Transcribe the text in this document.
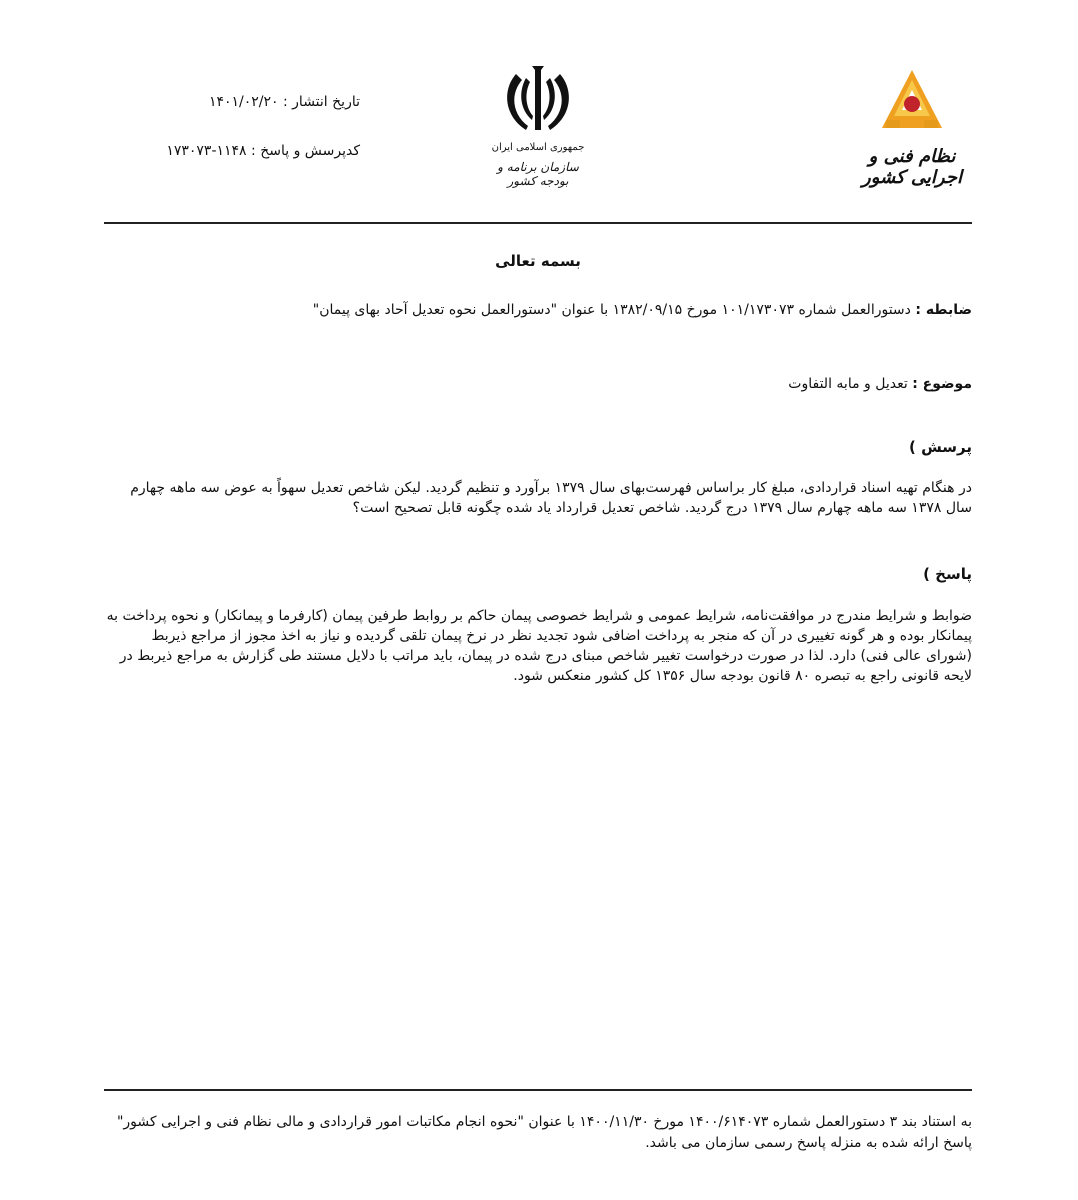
نظام فنی و اجرایی کشور
جمهوری اسلامی ایران
سازمان برنامه و بودجه کشور
تاریخ انتشار : ۱۴۰۱/۰۲/۲۰
کدپرسش و پاسخ : ۱۱۴۸-۱۷۳۰۷۳
بسمه تعالی
ضابطه : دستورالعمل شماره ۱۰۱/۱۷۳۰۷۳ مورخ ۱۳۸۲/۰۹/۱۵ با عنوان "دستورالعمل نحوه تعدیل آحاد بهای پیمان"
موضوع : تعدیل و مابه التفاوت
پرسش )
در هنگام تهیه اسناد قراردادی، مبلغ کار براساس فهرست‌بهای سال ۱۳۷۹ برآورد و تنظیم گردید. لیکن شاخص تعدیل سهواً به عوض سه ماهه چهارم سال ۱۳۷۸ سه ماهه چهارم سال ۱۳۷۹ درج گردید. شاخص تعدیل قرارداد یاد شده چگونه قابل تصحیح است؟
پاسخ )
ضوابط و شرایط مندرج در موافقت‌نامه، شرایط عمومی و شرایط خصوصی پیمان حاکم بر روابط طرفین پیمان (کارفرما و پیمانکار) و نحوه پرداخت به پیمانکار بوده و هر گونه تغییری در آن که منجر به پرداخت اضافی شود تجدید نظر در نرخ پیمان تلقی گردیده و نیاز به اخذ مجوز از مراجع ذیربط (شورای عالی فنی) دارد. لذا در صورت درخواست تغییر شاخص مبنای درج شده در پیمان، باید مراتب با دلایل مستند طی گزارش به مراجع ذیربط در لایحه قانونی راجع به تبصره ۸۰ قانون بودجه سال ۱۳۵۶ کل کشور منعکس شود.
به استناد بند ۳ دستورالعمل شماره ۱۴۰۰/۶۱۴۰۷۳ مورخ ۱۴۰۰/۱۱/۳۰ با عنوان "نحوه انجام مکاتبات امور قراردادی و مالی نظام فنی و اجرایی کشور" پاسخ ارائه شده به منزله پاسخ رسمی سازمان می باشد.
